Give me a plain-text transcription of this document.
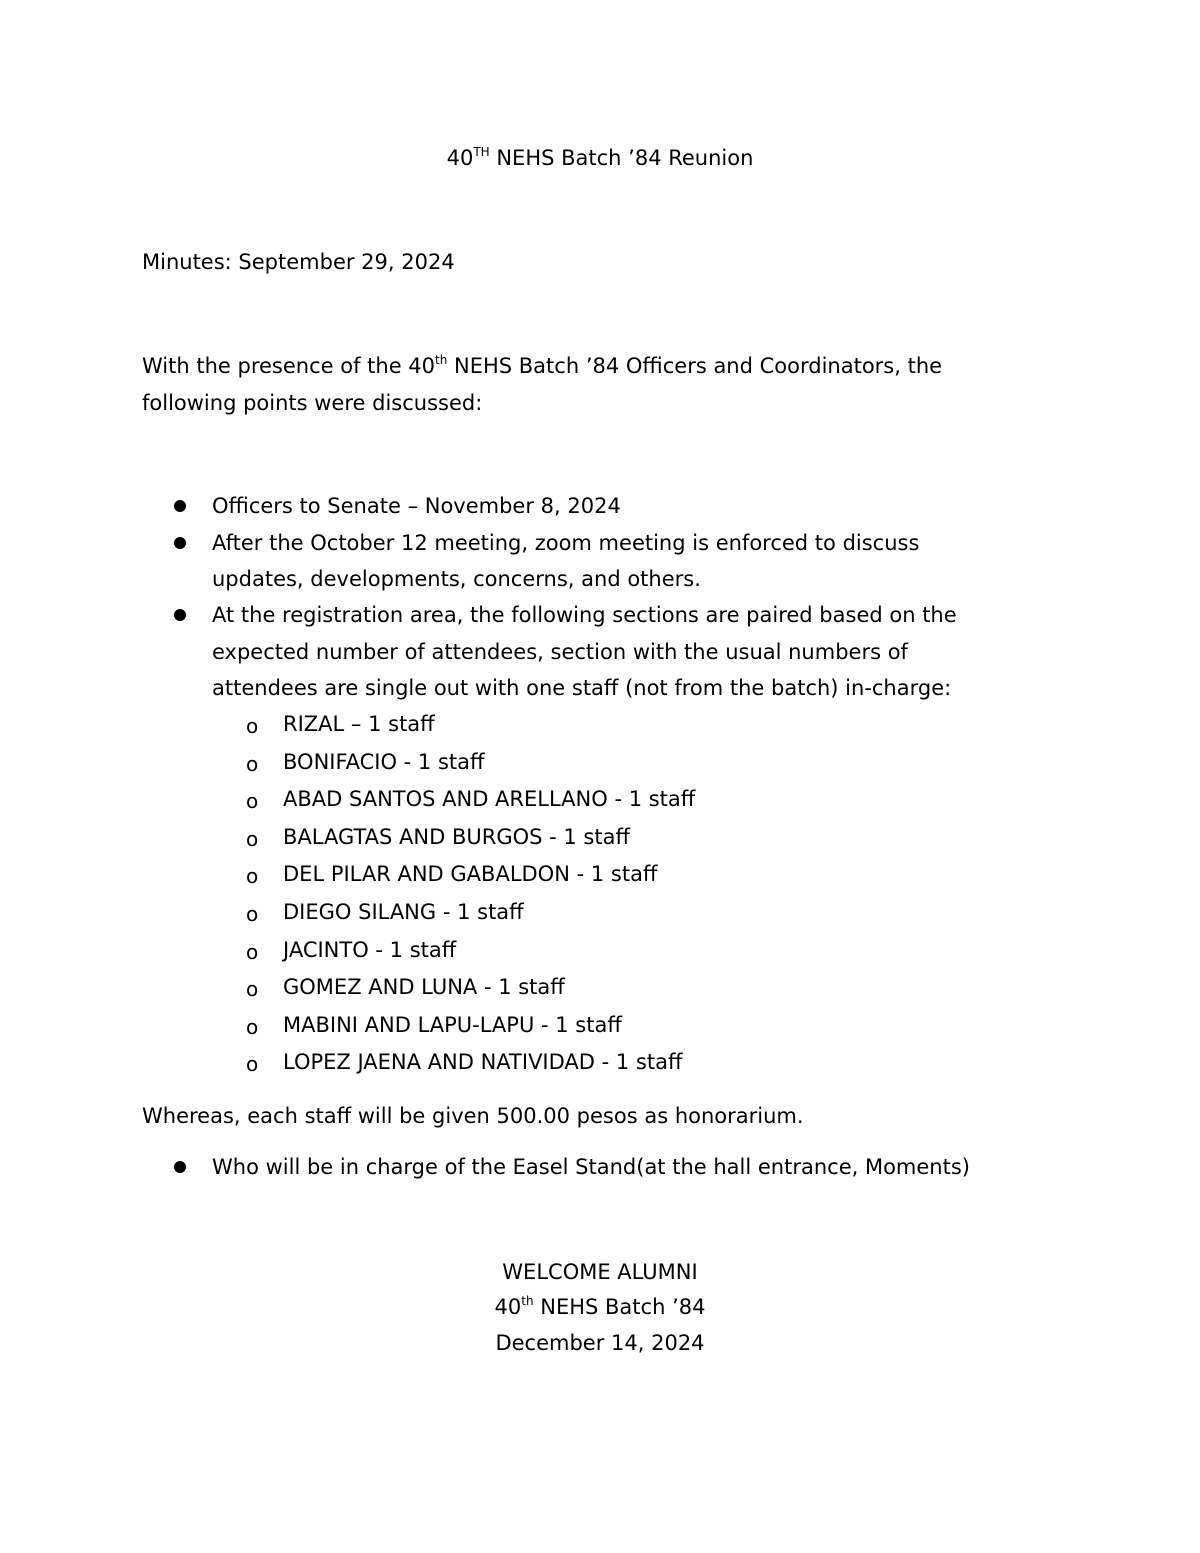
40TH NEHS Batch ’84 Reunion
Minutes: September 29, 2024
With the presence of the 40th NEHS Batch ’84 Officers and Coordinators, the
following points were discussed:
Officers to Senate – November 8, 2024
After the October 12 meeting, zoom meeting is enforced to discuss
updates, developments, concerns, and others.
At the registration area, the following sections are paired based on the
expected number of attendees, section with the usual numbers of
attendees are single out with one staff (not from the batch) in-charge:
o RIZAL – 1 staff
o BONIFACIO - 1 staff
o ABAD SANTOS AND ARELLANO - 1 staff
o BALAGTAS AND BURGOS - 1 staff
o DEL PILAR AND GABALDON - 1 staff
o DIEGO SILANG - 1 staff
o JACINTO - 1 staff
o GOMEZ AND LUNA - 1 staff
o MABINI AND LAPU-LAPU - 1 staff
o LOPEZ JAENA AND NATIVIDAD - 1 staff
Whereas, each staff will be given 500.00 pesos as honorarium.
Who will be in charge of the Easel Stand(at the hall entrance, Moments)
WELCOME ALUMNI
40th NEHS Batch ’84
December 14, 2024
